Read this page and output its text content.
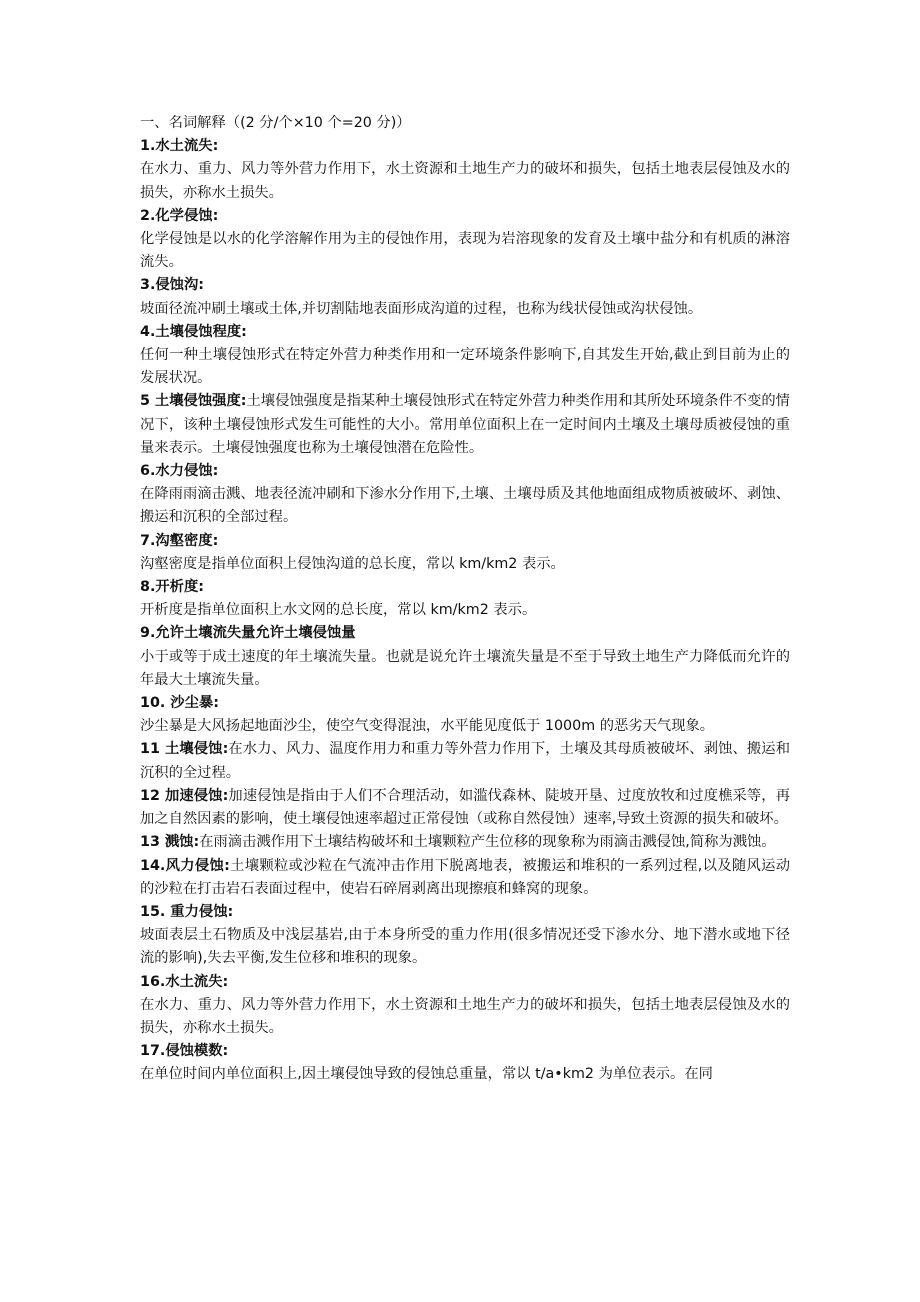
一、名词解释（(2 分/个×10 个=20 分)）

1.水土流失:

在水力、重力、风力等外营力作用下，水土资源和土地生产力的破坏和损失，包括土地表层侵蚀及水的损失，亦称水土损失。

2.化学侵蚀:

化学侵蚀是以水的化学溶解作用为主的侵蚀作用，表现为岩溶现象的发育及土壤中盐分和有机质的淋溶流失。

3.侵蚀沟:

坡面径流冲刷土壤或土体,并切割陆地表面形成沟道的过程，也称为线状侵蚀或沟状侵蚀。

4.土壤侵蚀程度:

任何一种土壤侵蚀形式在特定外营力种类作用和一定环境条件影响下,自其发生开始,截止到目前为止的发展状况。

5 土壤侵蚀强度:土壤侵蚀强度是指某种土壤侵蚀形式在特定外营力种类作用和其所处环境条件不变的情况下，该种土壤侵蚀形式发生可能性的大小。常用单位面积上在一定时间内土壤及土壤母质被侵蚀的重量来表示。土壤侵蚀强度也称为土壤侵蚀潜在危险性。

6.水力侵蚀:

在降雨雨滴击溅、地表径流冲刷和下渗水分作用下,土壤、土壤母质及其他地面组成物质被破坏、剥蚀、搬运和沉积的全部过程。

7.沟壑密度:

沟壑密度是指单位面积上侵蚀沟道的总长度，常以 km/km2 表示。

8.开析度:

开析度是指单位面积上水文网的总长度，常以 km/km2 表示。

9.允许土壤流失量允许土壤侵蚀量

小于或等于成土速度的年土壤流失量。也就是说允许土壤流失量是不至于导致土地生产力降低而允许的年最大土壤流失量。

10. 沙尘暴:

沙尘暴是大风扬起地面沙尘，使空气变得混浊，水平能见度低于 1000m 的恶劣天气现象。

11 土壤侵蚀:在水力、风力、温度作用力和重力等外营力作用下，土壤及其母质被破坏、剥蚀、搬运和沉积的全过程。

12 加速侵蚀:加速侵蚀是指由于人们不合理活动，如滥伐森林、陡坡开垦、过度放牧和过度樵采等，再加之自然因素的影响，使土壤侵蚀速率超过正常侵蚀（或称自然侵蚀）速率,导致土资源的损失和破坏。

13 溅蚀:在雨滴击溅作用下土壤结构破坏和土壤颗粒产生位移的现象称为雨滴击溅侵蚀,简称为溅蚀。

14.风力侵蚀:土壤颗粒或沙粒在气流冲击作用下脱离地表，被搬运和堆积的一系列过程,以及随风运动的沙粒在打击岩石表面过程中，使岩石碎屑剥离出现擦痕和蜂窝的现象。

15. 重力侵蚀:

坡面表层土石物质及中浅层基岩,由于本身所受的重力作用(很多情况还受下渗水分、地下潜水或地下径流的影响),失去平衡,发生位移和堆积的现象。

16.水土流失:

在水力、重力、风力等外营力作用下，水土资源和土地生产力的破坏和损失，包括土地表层侵蚀及水的损失，亦称水土损失。

17.侵蚀模数:

在单位时间内单位面积上,因土壤侵蚀导致的侵蚀总重量，常以 t/a•km2 为单位表示。在同
